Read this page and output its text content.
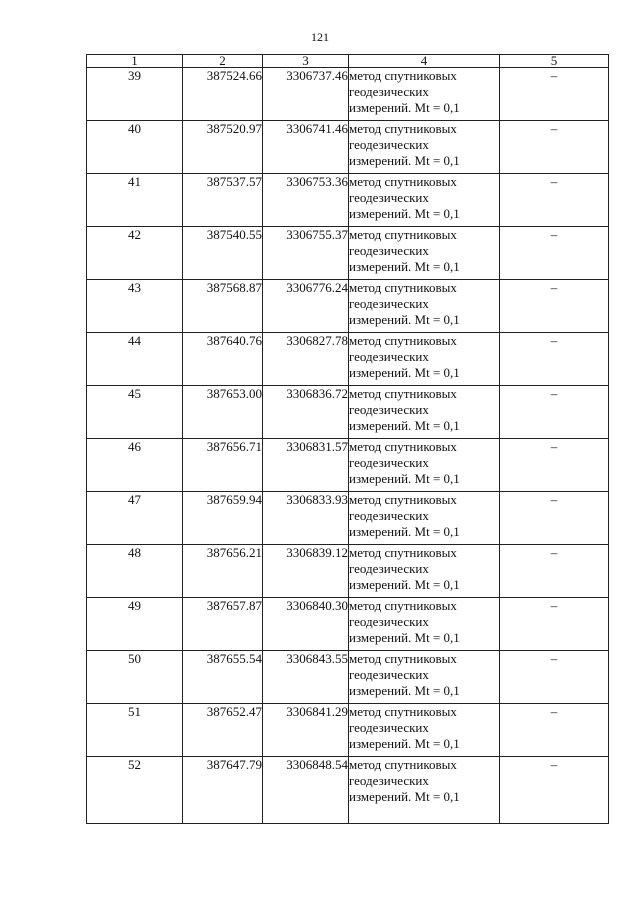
121
1	2	3	4	5
39	387524.66	3306737.46	метод спутниковых
геодезических
измерений. Mt = 0,1	–
40	387520.97	3306741.46	метод спутниковых
геодезических
измерений. Mt = 0,1	–
41	387537.57	3306753.36	метод спутниковых
геодезических
измерений. Mt = 0,1	–
42	387540.55	3306755.37	метод спутниковых
геодезических
измерений. Mt = 0,1	–
43	387568.87	3306776.24	метод спутниковых
геодезических
измерений. Mt = 0,1	–
44	387640.76	3306827.78	метод спутниковых
геодезических
измерений. Mt = 0,1	–
45	387653.00	3306836.72	метод спутниковых
геодезических
измерений. Mt = 0,1	–
46	387656.71	3306831.57	метод спутниковых
геодезических
измерений. Mt = 0,1	–
47	387659.94	3306833.93	метод спутниковых
геодезических
измерений. Mt = 0,1	–
48	387656.21	3306839.12	метод спутниковых
геодезических
измерений. Mt = 0,1	–
49	387657.87	3306840.30	метод спутниковых
геодезических
измерений. Mt = 0,1	–
50	387655.54	3306843.55	метод спутниковых
геодезических
измерений. Mt = 0,1	–
51	387652.47	3306841.29	метод спутниковых
геодезических
измерений. Mt = 0,1	–
52	387647.79	3306848.54	метод спутниковых
геодезических
измерений. Mt = 0,1	–
